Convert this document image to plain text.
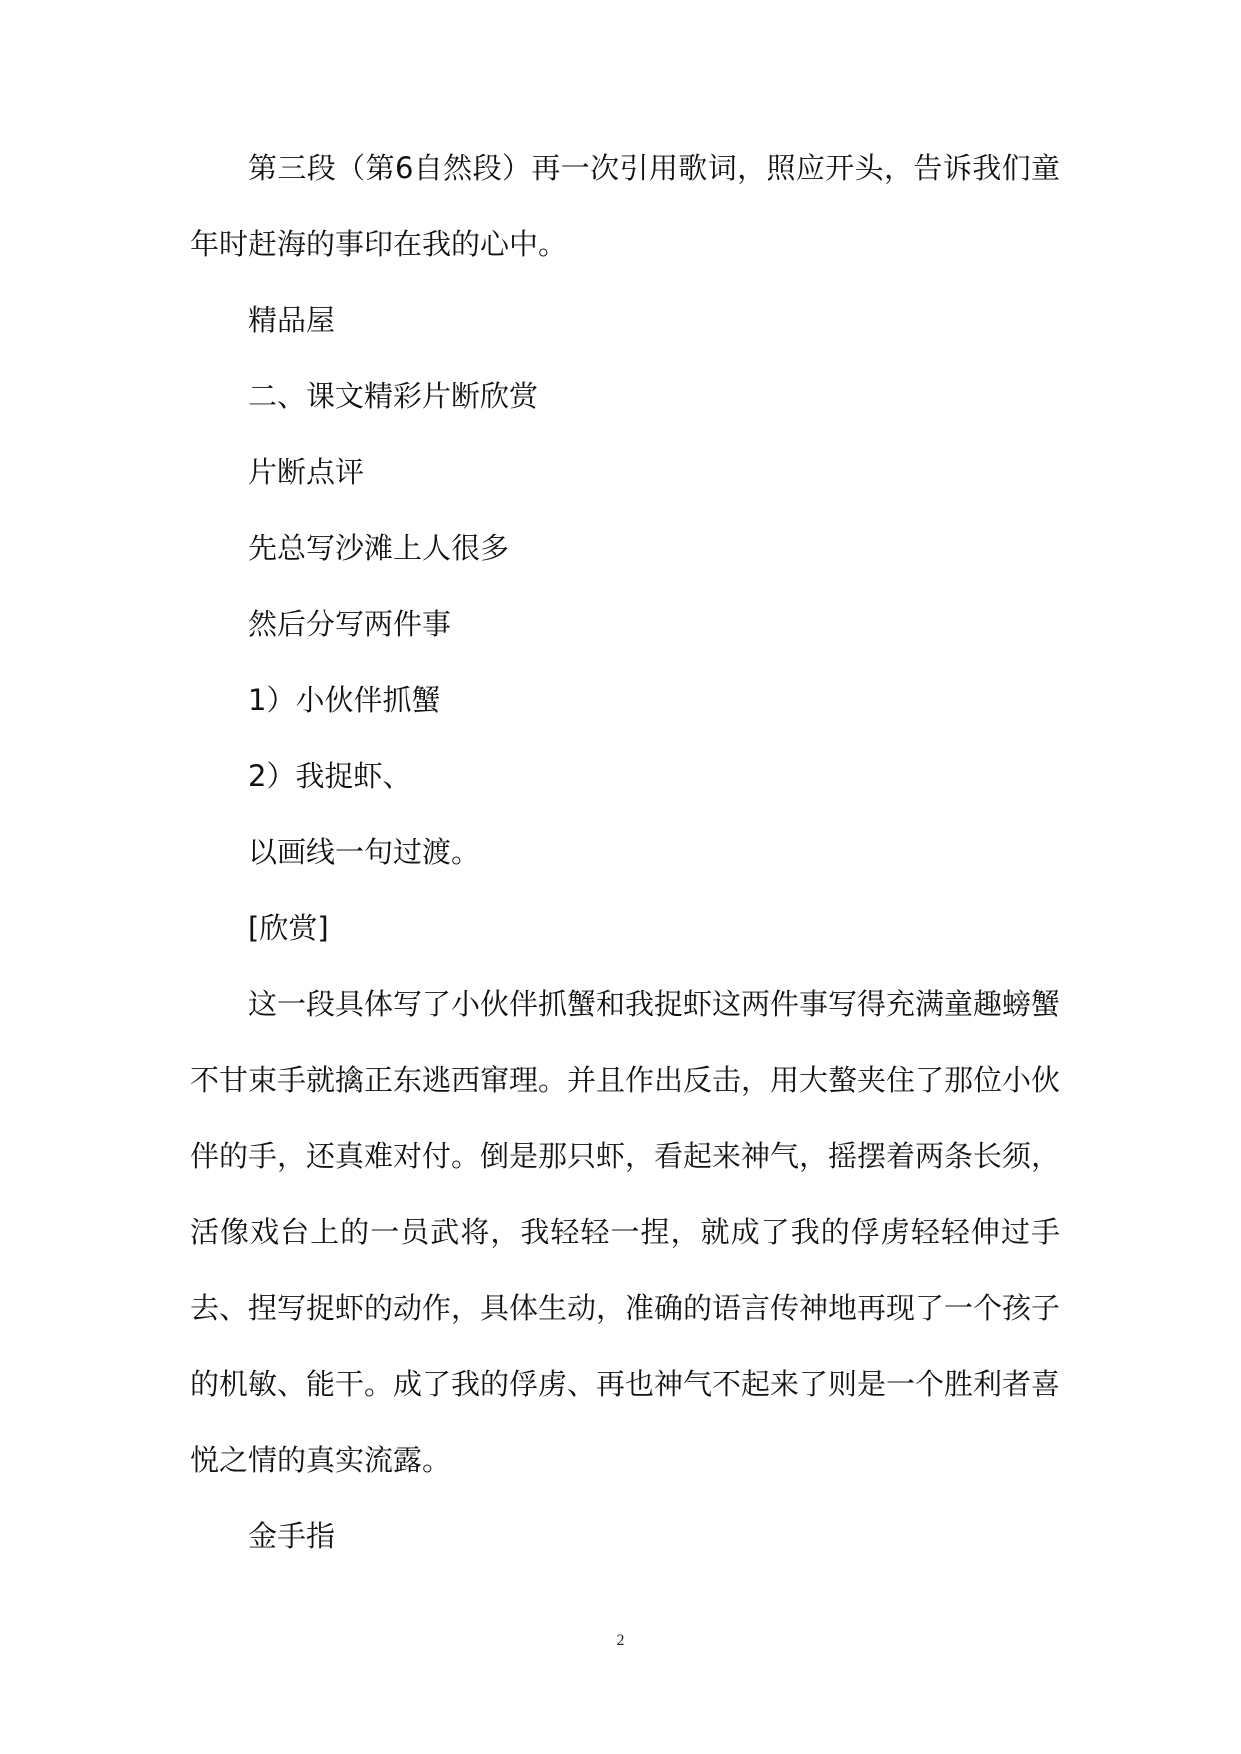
第三段（第6自然段）再一次引用歌词，照应开头，告诉我们童年时赶海的事印在我的心中。

精品屋

二、课文精彩片断欣赏

片断点评

先总写沙滩上人很多

然后分写两件事

1）小伙伴抓蟹

2）我捉虾、

以画线一句过渡。

[欣赏]

这一段具体写了小伙伴抓蟹和我捉虾这两件事写得充满童趣螃蟹不甘束手就擒正东逃西窜理。并且作出反击，用大螯夹住了那位小伙伴的手，还真难对付。倒是那只虾，看起来神气，摇摆着两条长须，活像戏台上的一员武将，我轻轻一捏，就成了我的俘虏轻轻伸过手去、捏写捉虾的动作，具体生动，准确的语言传神地再现了一个孩子的机敏、能干。成了我的俘虏、再也神气不起来了则是一个胜利者喜悦之情的真实流露。

金手指

2
